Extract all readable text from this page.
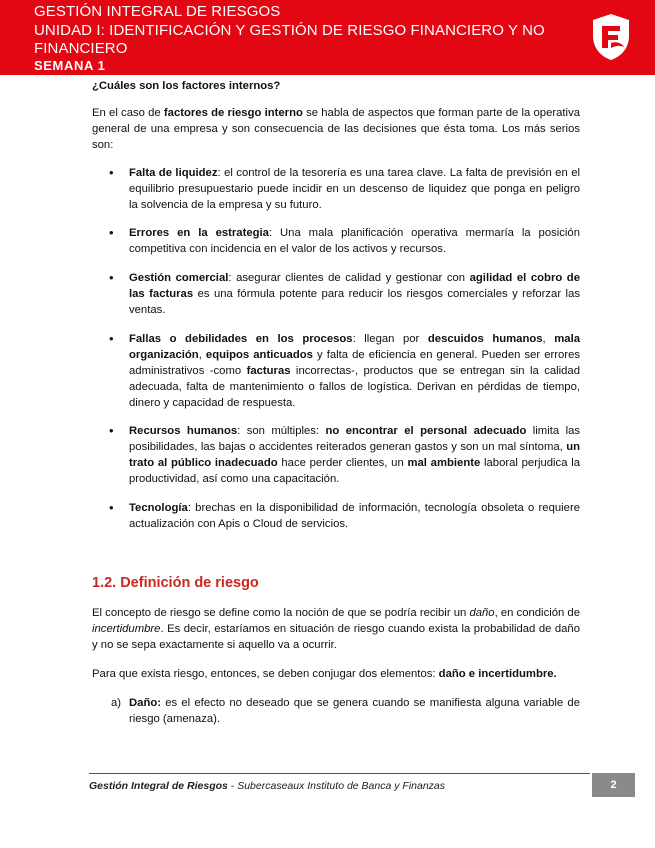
GESTIÓN INTEGRAL DE RIESGOS
UNIDAD I: IDENTIFICACIÓN Y GESTIÓN DE RIESGO FINANCIERO Y NO
FINANCIERO
SEMANA 1
¿Cuáles son los factores internos?

En el caso de factores de riesgo interno se habla de aspectos que forman parte de la operativa general de una empresa y son consecuencia de las decisiones que ésta toma. Los más serios son:

• Falta de liquidez: el control de la tesorería es una tarea clave. La falta de previsión en el equilibrio presupuestario puede incidir en un descenso de liquidez que ponga en peligro la solvencia de la empresa y su futuro.

• Errores en la estrategia: Una mala planificación operativa mermaría la posición competitiva con incidencia en el valor de los activos y recursos.

• Gestión comercial: asegurar clientes de calidad y gestionar con agilidad el cobro de las facturas es una fórmula potente para reducir los riesgos comerciales y reforzar las ventas.

• Fallas o debilidades en los procesos: llegan por descuidos humanos, mala organización, equipos anticuados y falta de eficiencia en general. Pueden ser errores administrativos -como facturas incorrectas-, productos que se entregan sin la calidad adecuada, falta de mantenimiento o fallos de logística. Derivan en pérdidas de tiempo, dinero y capacidad de respuesta.

• Recursos humanos: son múltiples: no encontrar el personal adecuado limita las posibilidades, las bajas o accidentes reiterados generan gastos y son un mal síntoma, un trato al público inadecuado hace perder clientes, un mal ambiente laboral perjudica la productividad, así como una capacitación.

• Tecnología: brechas en la disponibilidad de información, tecnología obsoleta o requiere actualización con Apis o Cloud de servicios.

1.2. Definición de riesgo

El concepto de riesgo se define como la noción de que se podría recibir un daño, en condición de incertidumbre. Es decir, estaríamos en situación de riesgo cuando exista la probabilidad de daño y no se sepa exactamente si aquello va a ocurrir.

Para que exista riesgo, entonces, se deben conjugar dos elementos: daño e incertidumbre.

a) Daño: es el efecto no deseado que se genera cuando se manifiesta alguna variable de riesgo (amenaza).

Gestión Integral de Riesgos - Subercaseaux Instituto de Banca y Finanzas	2
